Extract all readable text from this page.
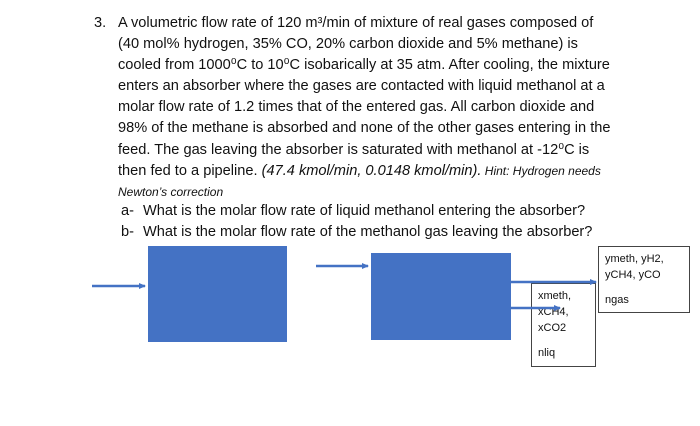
3. A volumetric flow rate of 120 m³/min of mixture of real gases composed of
(40 mol% hydrogen, 35% CO, 20% carbon dioxide and 5% methane) is
cooled from 1000⁰C to 10⁰C isobarically at 35 atm. After cooling, the mixture
enters an absorber where the gases are contacted with liquid methanol at a
molar flow rate of 1.2 times that of the entered gas. All carbon dioxide and
98% of the methane is absorbed and none of the other gases entering in the
feed. The gas leaving the absorber is saturated with methanol at -12⁰C is
then fed to a pipeline. (47.4 kmol/min, 0.0148 kmol/min). Hint: Hydrogen needs
Newton’s correction
a- What is the molar flow rate of liquid methanol entering the absorber?
b- What is the molar flow rate of the methanol gas leaving the absorber?
ymeth, yH2,
yCH4, yCO
ngas
xmeth,
xCH4,
xCO2
nliq
